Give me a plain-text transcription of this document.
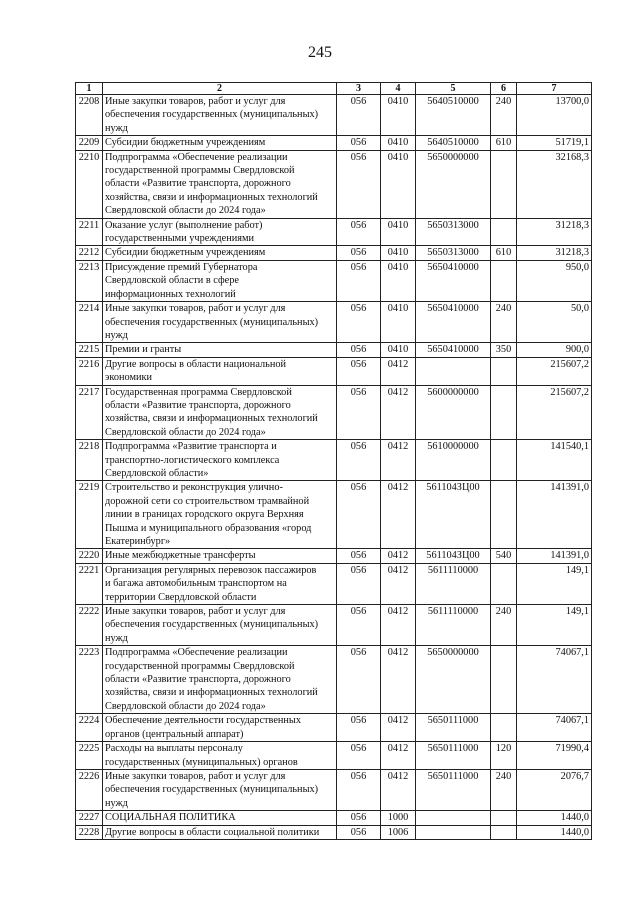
245
1	2	3	4	5	6	7
2208	Иные закупки товаров, работ и услуг для
обеспечения государственных (муниципальных)
нужд	056	0410	5640510000	240	13700,0
2209	Субсидии бюджетным учреждениям	056	0410	5640510000	610	51719,1
2210	Подпрограмма «Обеспечение реализации
государственной программы Свердловской
области «Развитие транспорта, дорожного
хозяйства, связи и информационных технологий
Свердловской области до 2024 года»	056	0410	5650000000		32168,3
2211	Оказание услуг (выполнение работ)
государственными учреждениями	056	0410	5650313000		31218,3
2212	Субсидии бюджетным учреждениям	056	0410	5650313000	610	31218,3
2213	Присуждение премий Губернатора
Свердловской области в сфере
информационных технологий	056	0410	5650410000		950,0
2214	Иные закупки товаров, работ и услуг для
обеспечения государственных (муниципальных)
нужд	056	0410	5650410000	240	50,0
2215	Премии и гранты	056	0410	5650410000	350	900,0
2216	Другие вопросы в области национальной
экономики	056	0412			215607,2
2217	Государственная программа Свердловской
области «Развитие транспорта, дорожного
хозяйства, связи и информационных технологий
Свердловской области до 2024 года»	056	0412	5600000000		215607,2
2218	Подпрограмма «Развитие транспорта и
транспортно-логистического комплекса
Свердловской области»	056	0412	5610000000		141540,1
2219	Строительство и реконструкция улично-
дорожной сети со строительством трамвайной
линии в границах городского округа Верхняя
Пышма и муниципального образования «город
Екатеринбург»	056	0412	561104ЗЦ00		141391,0
2220	Иные межбюджетные трансферты	056	0412	561104ЗЦ00	540	141391,0
2221	Организация регулярных перевозок пассажиров
и багажа автомобильным транспортом на
территории Свердловской области	056	0412	5611110000		149,1
2222	Иные закупки товаров, работ и услуг для
обеспечения государственных (муниципальных)
нужд	056	0412	5611110000	240	149,1
2223	Подпрограмма «Обеспечение реализации
государственной программы Свердловской
области «Развитие транспорта, дорожного
хозяйства, связи и информационных технологий
Свердловской области до 2024 года»	056	0412	5650000000		74067,1
2224	Обеспечение деятельности государственных
органов (центральный аппарат)	056	0412	5650111000		74067,1
2225	Расходы на выплаты персоналу
государственных (муниципальных) органов	056	0412	5650111000	120	71990,4
2226	Иные закупки товаров, работ и услуг для
обеспечения государственных (муниципальных)
нужд	056	0412	5650111000	240	2076,7
2227	СОЦИАЛЬНАЯ ПОЛИТИКА	056	1000			1440,0
2228	Другие вопросы в области социальной политики	056	1006			1440,0
